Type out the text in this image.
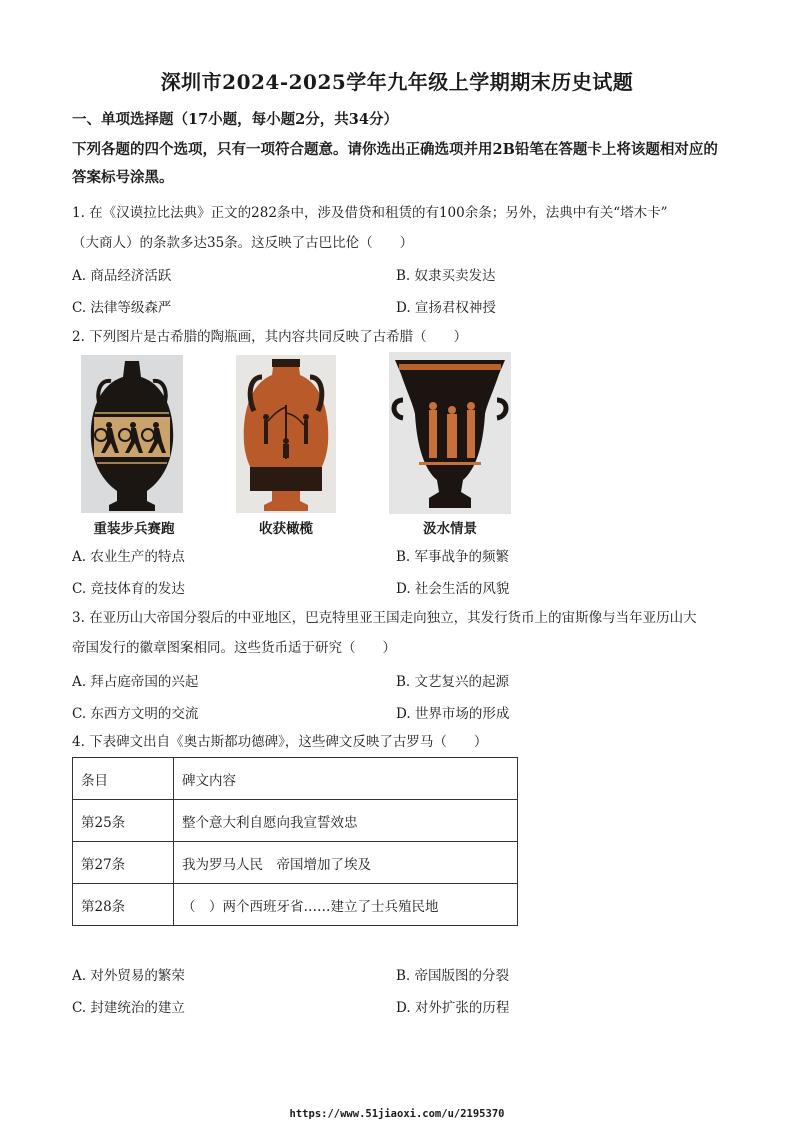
深圳市2024-2025学年九年级上学期期末历史试题
一、单项选择题（17小题，每小题2分，共34分）
下列各题的四个选项，只有一项符合题意。请你选出正确选项并用2B铅笔在答题卡上将该题相对应的答案标号涂黑。
1. 在《汉谟拉比法典》正文的282条中，涉及借贷和租赁的有100余条；另外，法典中有关“塔木卡”
（大商人）的条款多达35条。这反映了古巴比伦（　　）
A. 商品经济活跃	B. 奴隶买卖发达
C. 法律等级森严	D. 宣扬君权神授
2. 下列图片是古希腊的陶瓶画，其内容共同反映了古希腊（　　）
重装步兵赛跑	收获橄榄	汲水情景
A. 农业生产的特点	B. 军事战争的频繁
C. 竞技体育的发达	D. 社会生活的风貌
3. 在亚历山大帝国分裂后的中亚地区，巴克特里亚王国走向独立，其发行货币上的宙斯像与当年亚历山大
帝国发行的徽章图案相同。这些货币适于研究（　　）
A. 拜占庭帝国的兴起	B. 文艺复兴的起源
C. 东西方文明的交流	D. 世界市场的形成
4. 下表碑文出自《奥古斯都功德碑》，这些碑文反映了古罗马（　　）
条目	碑文内容
第25条	整个意大利自愿向我宣誓效忠
第27条	我为罗马人民　帝国增加了埃及
第28条	（　）两个西班牙省……建立了士兵殖民地
A. 对外贸易的繁荣	B. 帝国版图的分裂
C. 封建统治的建立	D. 对外扩张的历程
https://www.51jiaoxi.com/u/2195370
